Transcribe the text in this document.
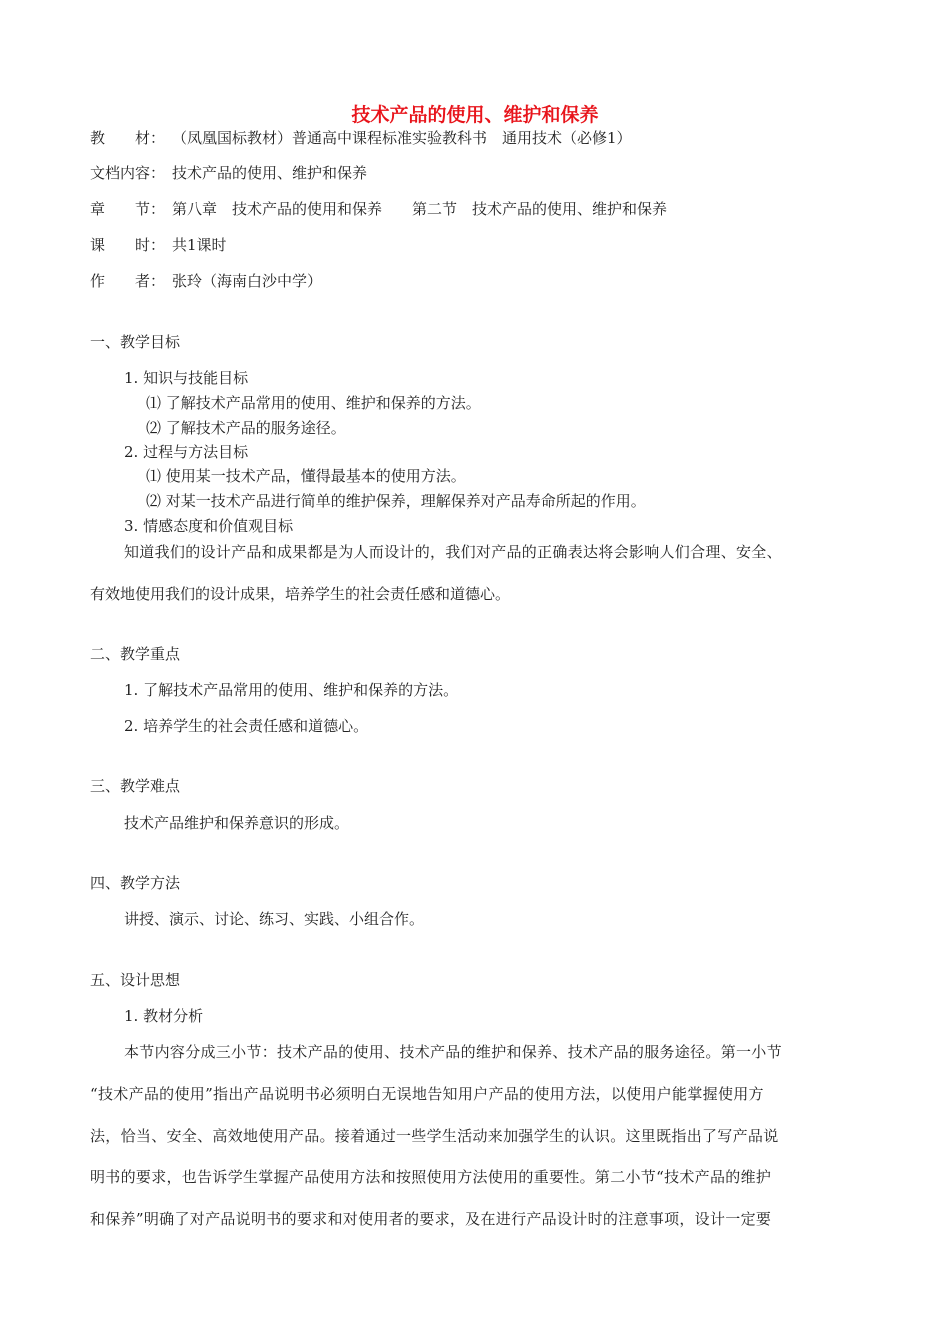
技术产品的使用、维护和保养
教　　材： （凤凰国标教材）普通高中课程标准实验教科书　通用技术（必修1）
文档内容： 技术产品的使用、维护和保养
章　　节： 第八章　技术产品的使用和保养　　第二节　技术产品的使用、维护和保养
课　　时： 共1课时
作　　者： 张玲（海南白沙中学）
一、教学目标
1. 知识与技能目标
⑴ 了解技术产品常用的使用、维护和保养的方法。
⑵ 了解技术产品的服务途径。
2. 过程与方法目标
⑴ 使用某一技术产品，懂得最基本的使用方法。
⑵ 对某一技术产品进行简单的维护保养，理解保养对产品寿命所起的作用。
3. 情感态度和价值观目标
知道我们的设计产品和成果都是为人而设计的，我们对产品的正确表达将会影响人们合理、安全、
有效地使用我们的设计成果，培养学生的社会责任感和道德心。
二、教学重点
1. 了解技术产品常用的使用、维护和保养的方法。
2. 培养学生的社会责任感和道德心。
三、教学难点
技术产品维护和保养意识的形成。
四、教学方法
讲授、演示、讨论、练习、实践、小组合作。
五、设计思想
1. 教材分析
本节内容分成三小节：技术产品的使用、技术产品的维护和保养、技术产品的服务途径。第一小节
“技术产品的使用”指出产品说明书必须明白无误地告知用户产品的使用方法，以使用户能掌握使用方
法，恰当、安全、高效地使用产品。接着通过一些学生活动来加强学生的认识。这里既指出了写产品说
明书的要求，也告诉学生掌握产品使用方法和按照使用方法使用的重要性。第二小节“技术产品的维护
和保养”明确了对产品说明书的要求和对使用者的要求，及在进行产品设计时的注意事项，设计一定要
